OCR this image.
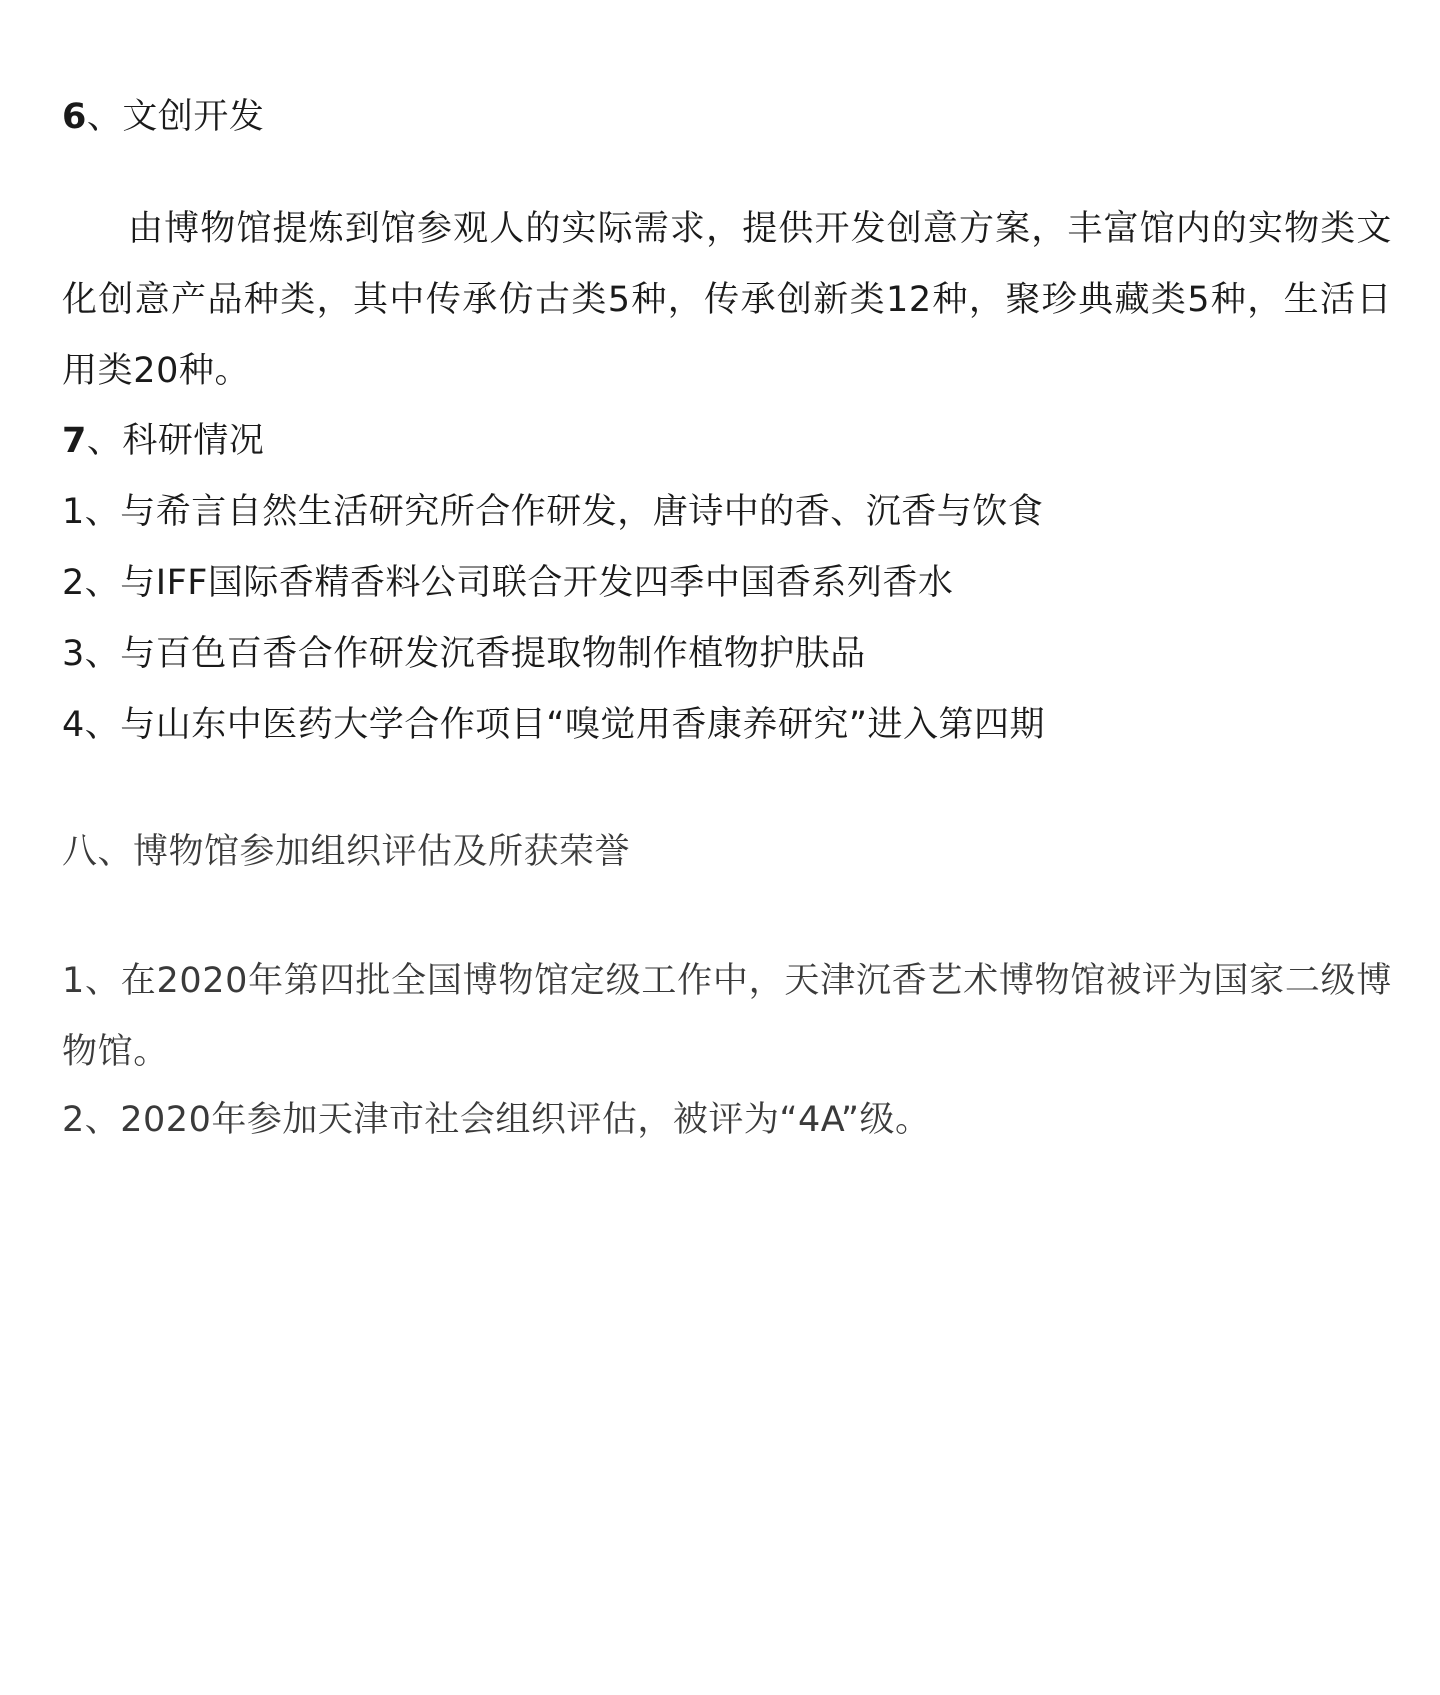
6、文创开发
由博物馆提炼到馆参观人的实际需求，提供开发创意方案，丰富馆内的实物类文化创意产品种类，其中传承仿古类5种，传承创新类12种，聚珍典藏类5种，生活日用类20种。
7、科研情况
1、与希言自然生活研究所合作研发，唐诗中的香、沉香与饮食
2、与IFF国际香精香料公司联合开发四季中国香系列香水
3、与百色百香合作研发沉香提取物制作植物护肤品
4、与山东中医药大学合作项目“嗅觉用香康养研究”进入第四期
八、博物馆参加组织评估及所获荣誉
1、在2020年第四批全国博物馆定级工作中，天津沉香艺术博物馆被评为国家二级博物馆。
2、2020年参加天津市社会组织评估，被评为“4A”级。
